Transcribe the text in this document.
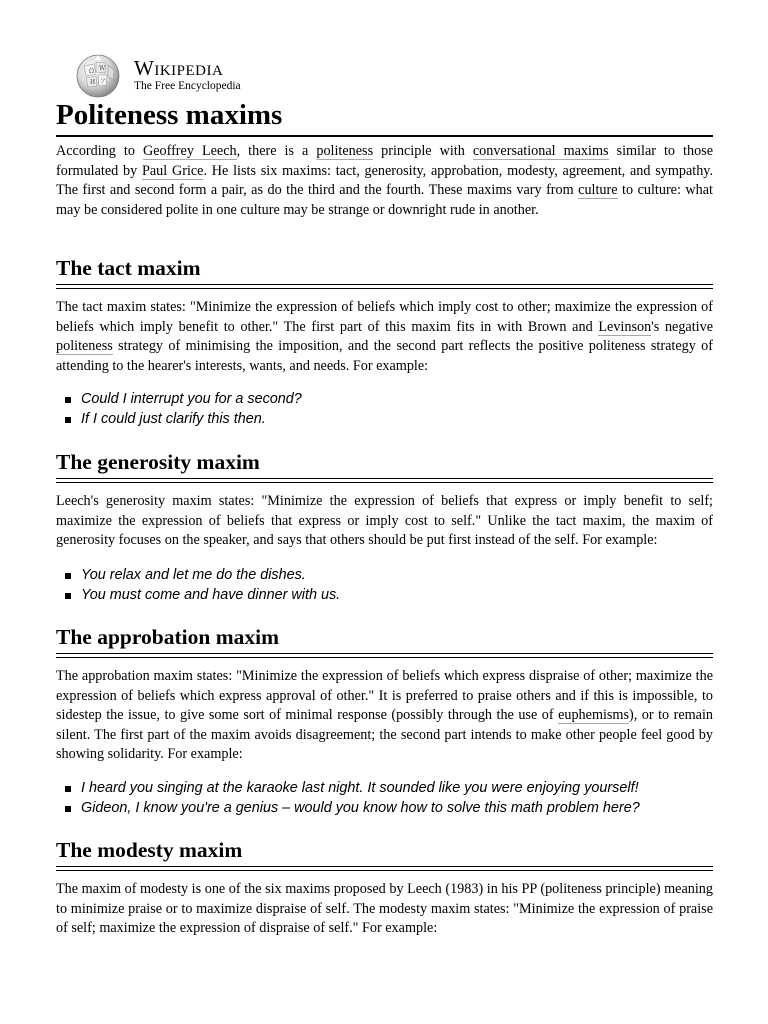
Ω W
И ア
Wikipedia
The Free Encyclopedia
Politeness maxims

According to Geoffrey Leech, there is a politeness principle with conversational maxims similar to those formulated by Paul Grice. He lists six maxims: tact, generosity, approbation, modesty, agreement, and sympathy. The first and second form a pair, as do the third and the fourth. These maxims vary from culture to culture: what may be considered polite in one culture may be strange or downright rude in another.

The tact maxim

The tact maxim states: "Minimize the expression of beliefs which imply cost to other; maximize the expression of beliefs which imply benefit to other." The first part of this maxim fits in with Brown and Levinson's negative politeness strategy of minimising the imposition, and the second part reflects the positive politeness strategy of attending to the hearer's interests, wants, and needs. For example:

Could I interrupt you for a second?
If I could just clarify this then.
The generosity maxim

Leech's generosity maxim states: "Minimize the expression of beliefs that express or imply benefit to self; maximize the expression of beliefs that express or imply cost to self." Unlike the tact maxim, the maxim of generosity focuses on the speaker, and says that others should be put first instead of the self. For example:

You relax and let me do the dishes.
You must come and have dinner with us.
The approbation maxim

The approbation maxim states: "Minimize the expression of beliefs which express dispraise of other; maximize the expression of beliefs which express approval of other." It is preferred to praise others and if this is impossible, to sidestep the issue, to give some sort of minimal response (possibly through the use of euphemisms), or to remain silent. The first part of the maxim avoids disagreement; the second part intends to make other people feel good by showing solidarity. For example:

I heard you singing at the karaoke last night. It sounded like you were enjoying yourself!
Gideon, I know you're a genius – would you know how to solve this math problem here?
The modesty maxim

The maxim of modesty is one of the six maxims proposed by Leech (1983) in his PP (politeness principle) meaning to minimize praise or to maximize dispraise of self. The modesty maxim states: "Minimize the expression of praise of self; maximize the expression of dispraise of self." For example:
